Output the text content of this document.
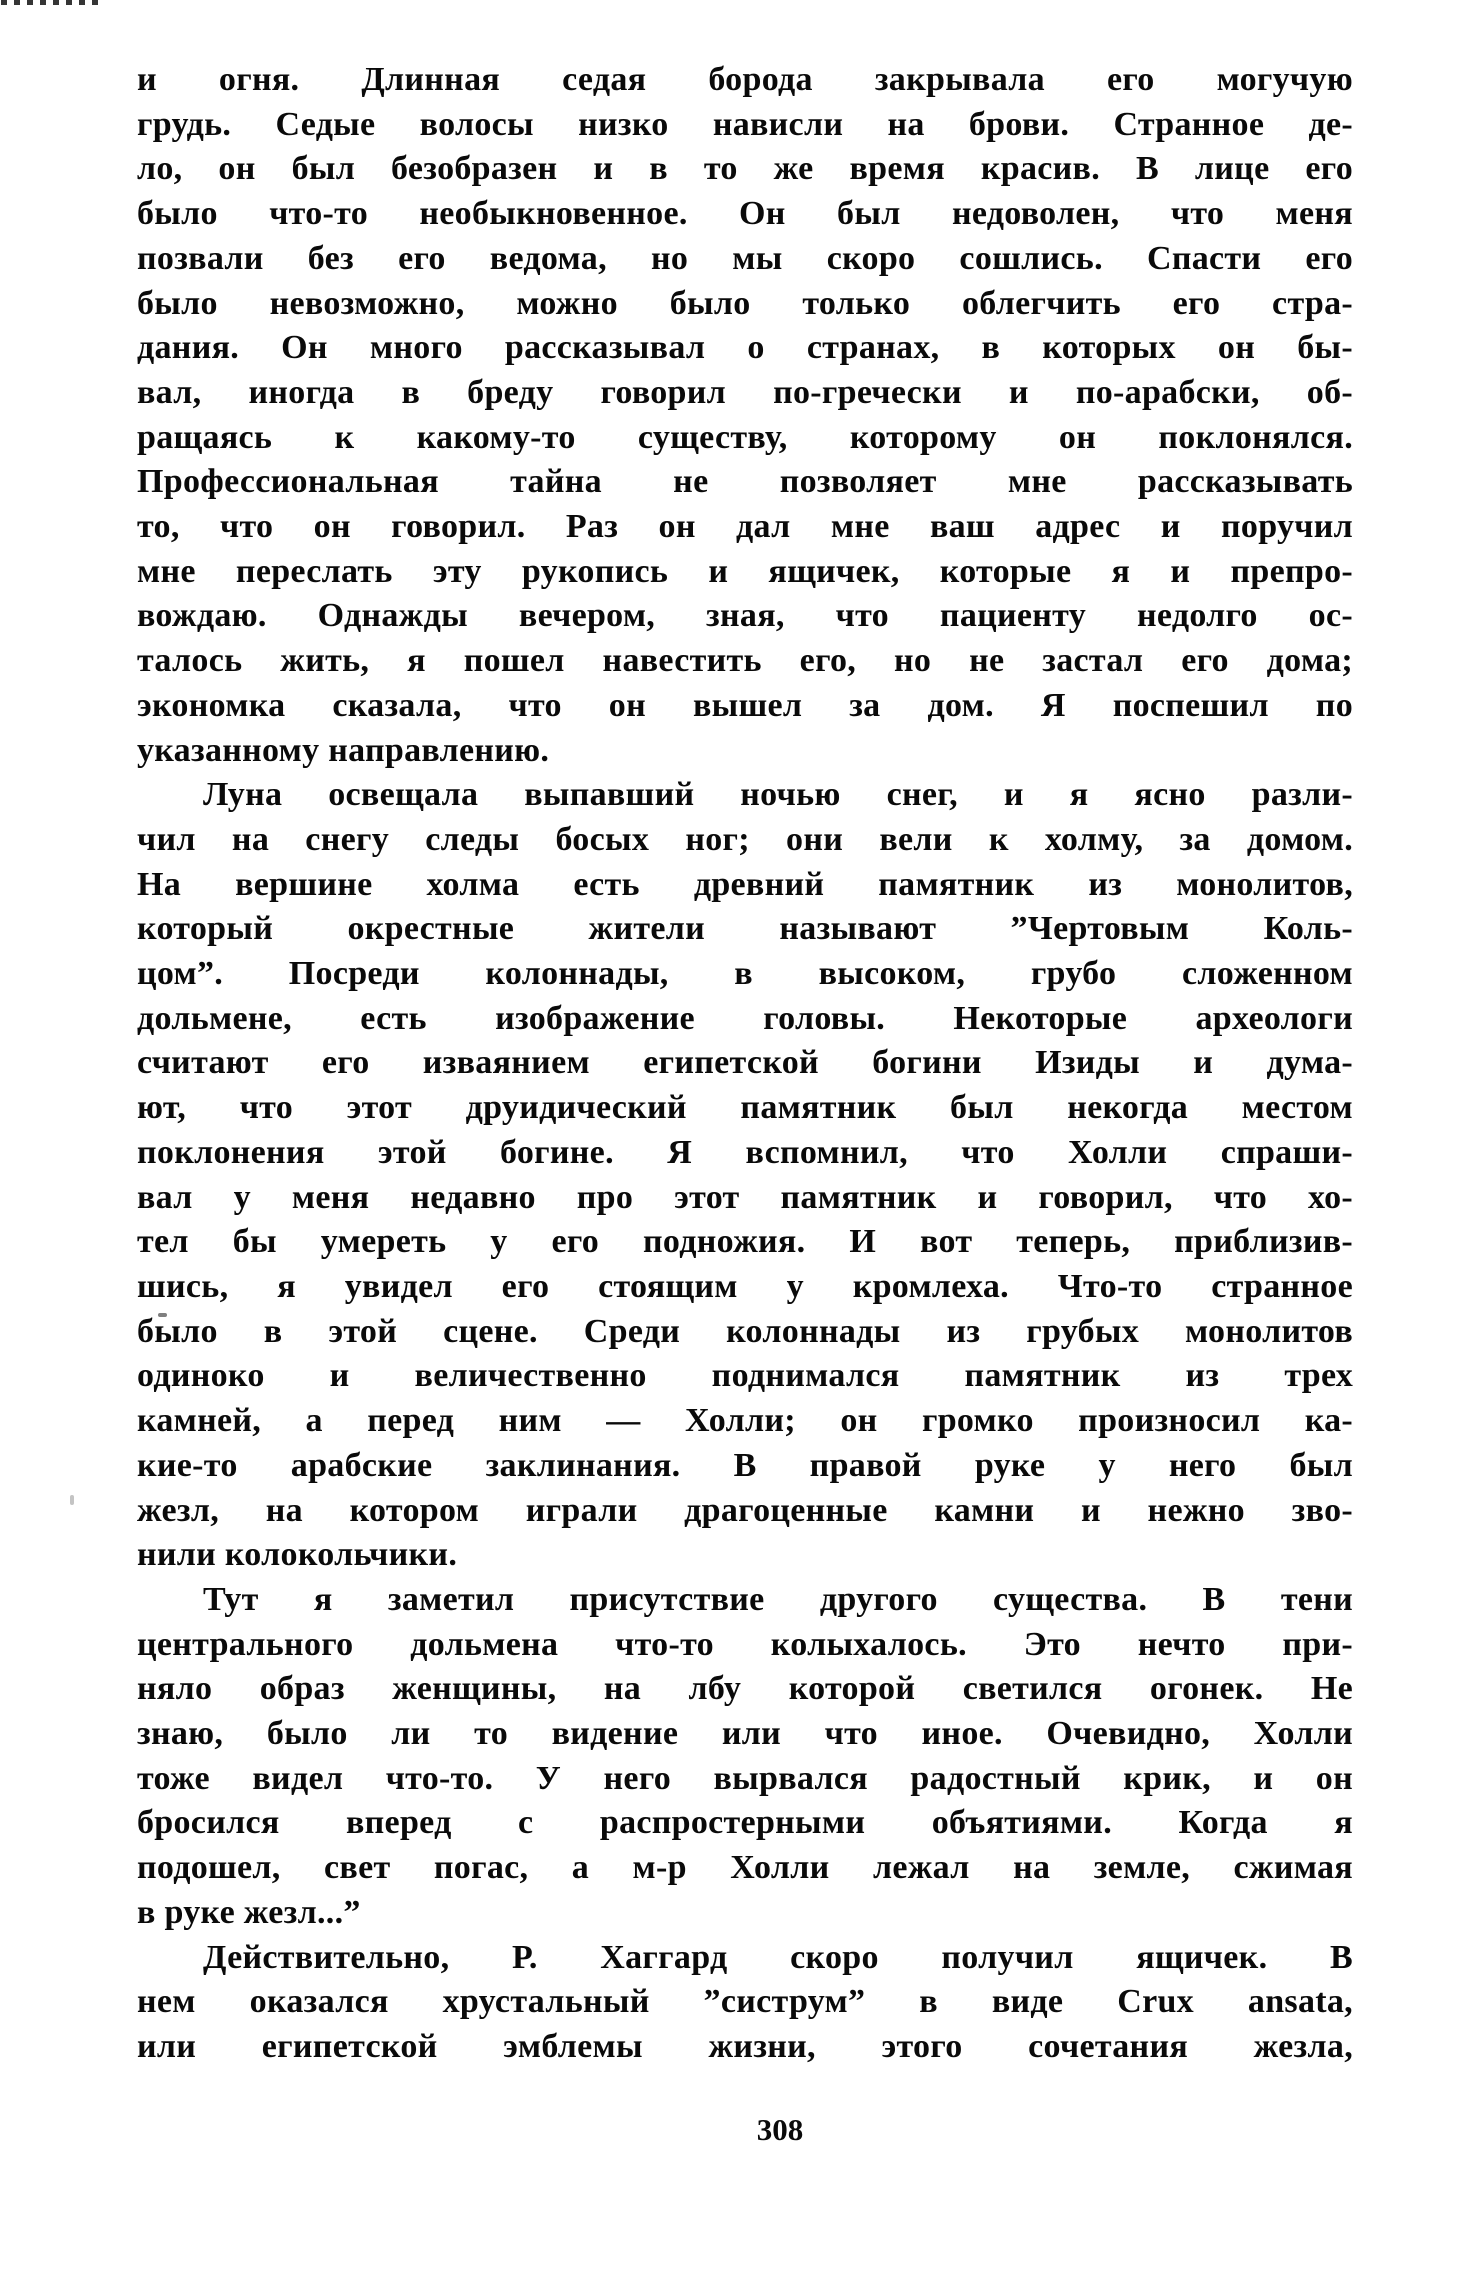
и огня. Длинная седая борода закрывала его могучую
грудь. Седые волосы низко нависли на брови. Странное де-
ло, он был безобразен и в то же время красив. В лице его
было что-то необыкновенное. Он был недоволен, что меня
позвали без его ведома, но мы скоро сошлись. Спасти его
было невозможно, можно было только облегчить его стра-
дания. Он много рассказывал о странах, в которых он бы-
вал, иногда в бреду говорил по-гречески и по-арабски, об-
ращаясь к какому-то существу, которому он поклонялся.
Профессиональная тайна не позволяет мне рассказывать
то, что он говорил. Раз он дал мне ваш адрес и поручил
мне переслать эту рукопись и ящичек, которые я и препро-
вождаю. Однажды вечером, зная, что пациенту недолго ос-
талось жить, я пошел навестить его, но не застал его дома;
экономка сказала, что он вышел за дом. Я поспешил по
указанному направлению.
Луна освещала выпавший ночью снег, и я ясно разли-
чил на снегу следы босых ног; они вели к холму, за домом.
На вершине холма есть древний памятник из монолитов,
который окрестные жители называют ”Чертовым Коль-
цом”. Посреди колоннады, в высоком, грубо сложенном
дольмене, есть изображение головы. Некоторые археологи
считают его изваянием египетской богини Изиды и дума-
ют, что этот друидический памятник был некогда местом
поклонения этой богине. Я вспомнил, что Холли спраши-
вал у меня недавно про этот памятник и говорил, что хо-
тел бы умереть у его подножия. И вот теперь, приблизив-
шись, я увидел его стоящим у кромлеха. Что-то странное
было в этой сцене. Среди колоннады из грубых монолитов
одиноко и величественно поднимался памятник из трех
камней, а перед ним — Холли; он громко произносил ка-
кие-то арабские заклинания. В правой руке у него был
жезл, на котором играли драгоценные камни и нежно зво-
нили колокольчики.
Тут я заметил присутствие другого существа. В тени
центрального дольмена что-то колыхалось. Это нечто при-
няло образ женщины, на лбу которой светился огонек. Не
знаю, было ли то видение или что иное. Очевидно, Холли
тоже видел что-то. У него вырвался радостный крик, и он
бросился вперед с распростерными объятиями. Когда я
подошел, свет погас, а м-р Холли лежал на земле, сжимая
в руке жезл...”
Действительно, Р. Хаггард скоро получил ящичек. В
нем оказался хрустальный ”систрум” в виде Crux ansata,
или египетской эмблемы жизни, этого сочетания жезла,
308
